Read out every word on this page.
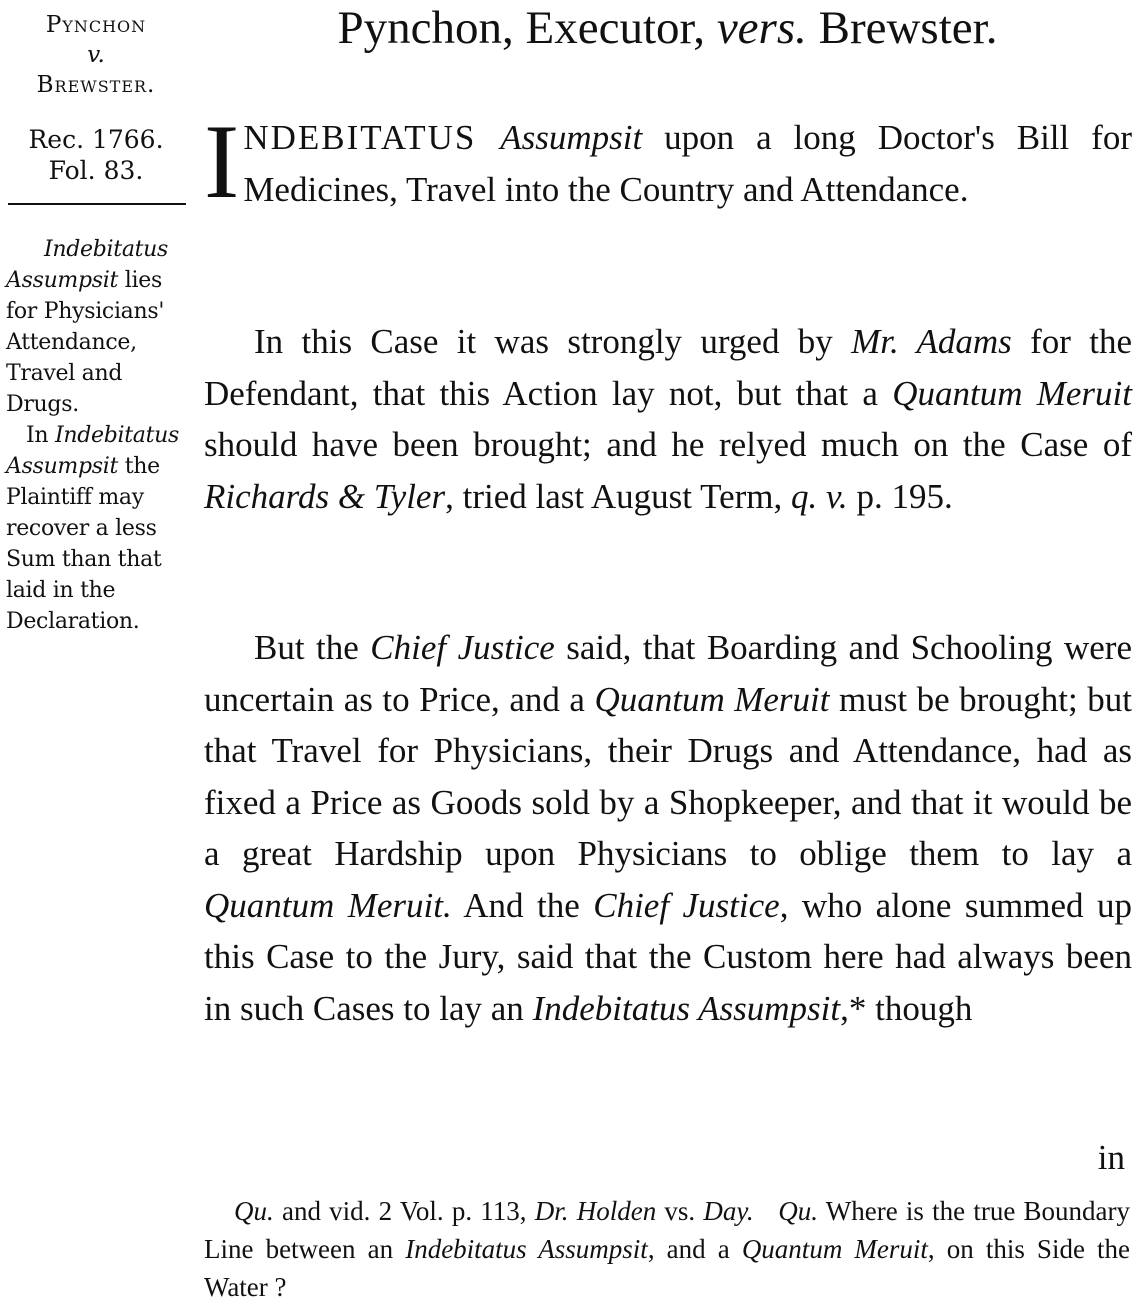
Pynchon
v.
Brewster.
Rec. 1766.
Fol. 83.
Indebitatus Assumpsit lies for Physicians' Attendance, Travel and Drugs.
In Indebitatus Assumpsit the Plaintiff may recover a less Sum than that laid in the Declaration.
Pynchon, Executor, vers. Brewster.
INDEBITATUS Assumpsit upon a long Doctor's Bill for Medicines, Travel into the Country and Attendance.
In this Case it was strongly urged by Mr. Adams for the Defendant, that this Action lay not, but that a Quantum Meruit should have been brought; and he relyed much on the Case of Richards & Tyler, tried last August Term, q. v. p. 195.
But the Chief Justice said, that Boarding and Schooling were uncertain as to Price, and a Quantum Meruit must be brought; but that Travel for Physicians, their Drugs and Attendance, had as fixed a Price as Goods sold by a Shopkeeper, and that it would be a great Hardship upon Physicians to oblige them to lay a Quantum Meruit. And the Chief Justice, who alone summed up this Case to the Jury, said that the Custom here had always been in such Cases to lay an Indebitatus Assumpsit,* though
in
Qu. and vid. 2 Vol. p. 113, Dr. Holden vs. Day. Qu. Where is the true Boundary Line between an Indebitatus Assumpsit, and a Quantum Meruit, on this Side the Water ?
